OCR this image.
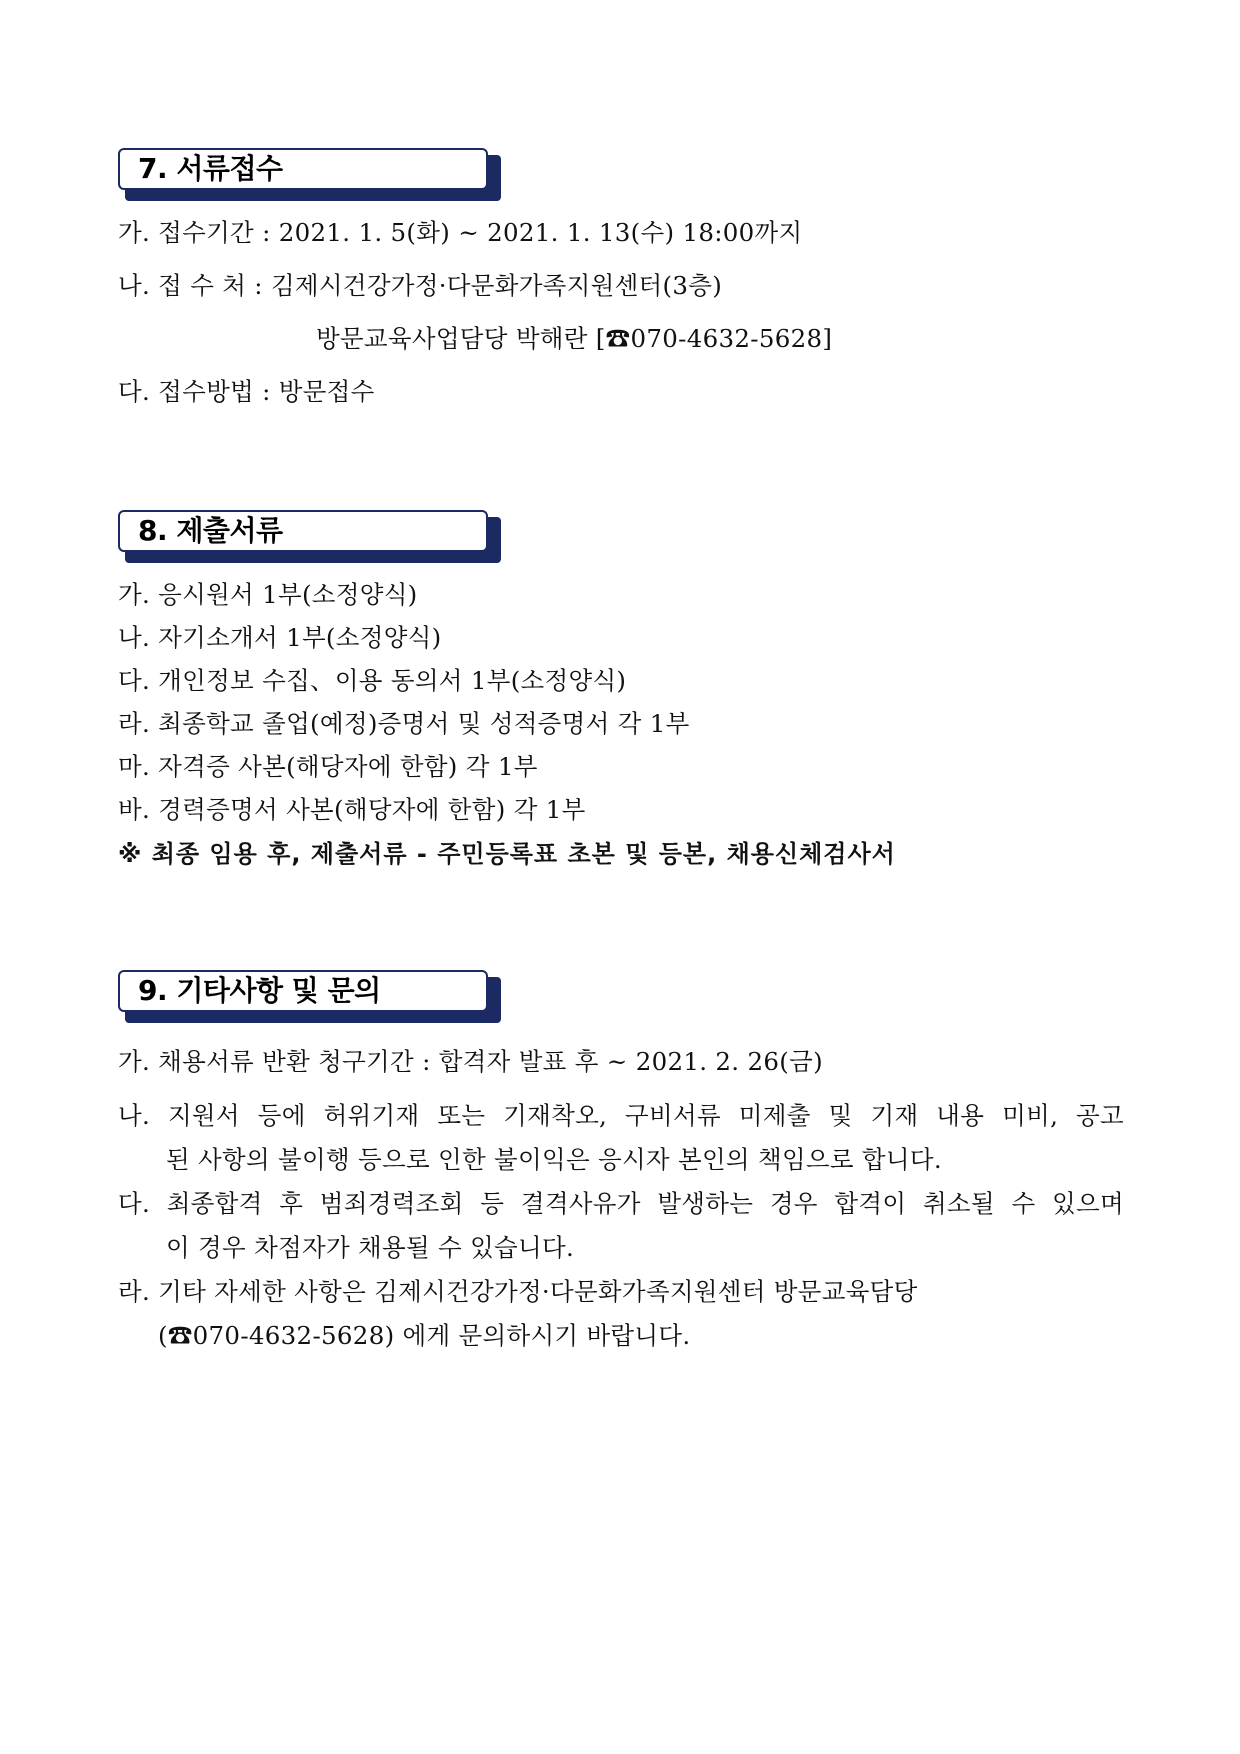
7. 서류접수
가. 접수기간 : 2021. 1. 5(화) ~ 2021. 1. 13(수) 18:00까지
나. 접 수 처 : 김제시건강가정·다문화가족지원센터(3층)
방문교육사업담당 박해란 [☎070-4632-5628]
다. 접수방법 : 방문접수
8. 제출서류
가. 응시원서 1부(소정양식)
나. 자기소개서 1부(소정양식)
다. 개인정보 수집、이용 동의서 1부(소정양식)
라. 최종학교 졸업(예정)증명서 및 성적증명서 각 1부
마. 자격증 사본(해당자에 한함) 각 1부
바. 경력증명서 사본(해당자에 한함) 각 1부
※ 최종 임용 후, 제출서류 - 주민등록표 초본 및 등본, 채용신체검사서
9. 기타사항 및 문의
가. 채용서류 반환 청구기간 : 합격자 발표 후 ~ 2021. 2. 26(금)
나. 지원서 등에 허위기재 또는 기재착오, 구비서류 미제출 및 기재 내용 미비, 공고
된 사항의 불이행 등으로 인한 불이익은 응시자 본인의 책임으로 합니다.
다. 최종합격 후 범죄경력조회 등 결격사유가 발생하는 경우 합격이 취소될 수 있으며
이 경우 차점자가 채용될 수 있습니다.
라. 기타 자세한 사항은 김제시건강가정·다문화가족지원센터 방문교육담당
(☎070-4632-5628) 에게 문의하시기 바랍니다.
